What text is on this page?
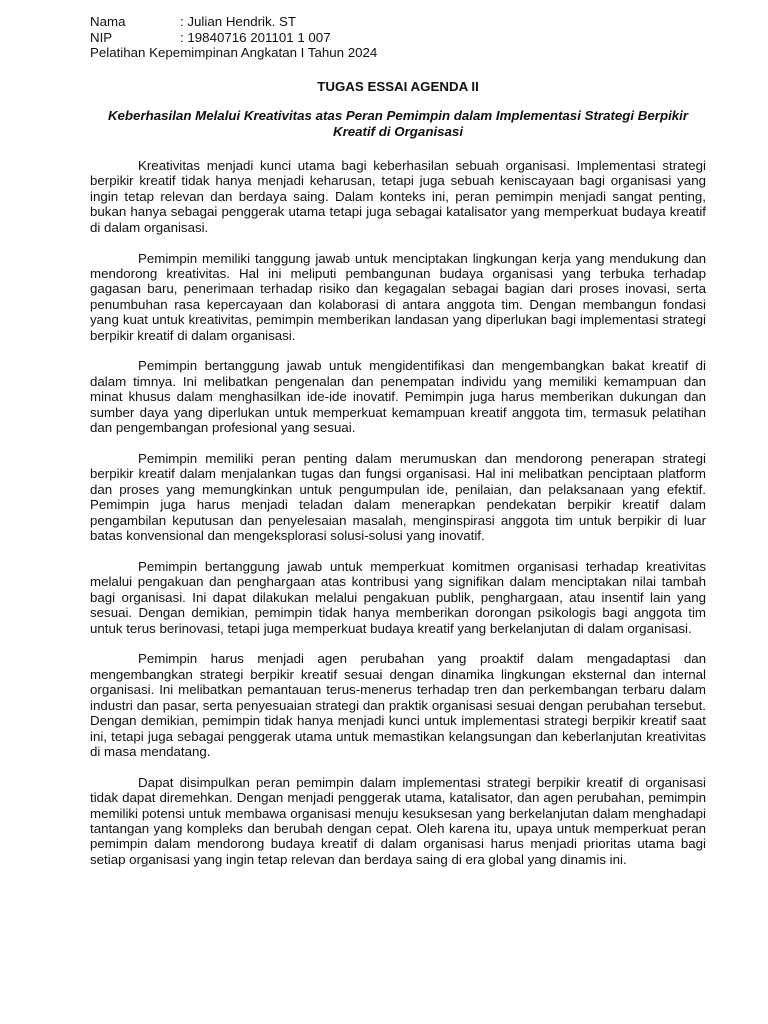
Nama	: Julian Hendrik. ST
NIP	: 19840716 201101 1 007
Pelatihan Kepemimpinan Angkatan I Tahun 2024
TUGAS ESSAI AGENDA II
Keberhasilan Melalui Kreativitas atas Peran Pemimpin dalam Implementasi Strategi Berpikir Kreatif di Organisasi

Kreativitas menjadi kunci utama bagi keberhasilan sebuah organisasi. Implementasi strategi berpikir kreatif tidak hanya menjadi keharusan, tetapi juga sebuah keniscayaan bagi organisasi yang ingin tetap relevan dan berdaya saing. Dalam konteks ini, peran pemimpin menjadi sangat penting, bukan hanya sebagai penggerak utama tetapi juga sebagai katalisator yang memperkuat budaya kreatif di dalam organisasi.

Pemimpin memiliki tanggung jawab untuk menciptakan lingkungan kerja yang mendukung dan mendorong kreativitas. Hal ini meliputi pembangunan budaya organisasi yang terbuka terhadap gagasan baru, penerimaan terhadap risiko dan kegagalan sebagai bagian dari proses inovasi, serta penumbuhan rasa kepercayaan dan kolaborasi di antara anggota tim. Dengan membangun fondasi yang kuat untuk kreativitas, pemimpin memberikan landasan yang diperlukan bagi implementasi strategi berpikir kreatif di dalam organisasi.

Pemimpin bertanggung jawab untuk mengidentifikasi dan mengembangkan bakat kreatif di dalam timnya. Ini melibatkan pengenalan dan penempatan individu yang memiliki kemampuan dan minat khusus dalam menghasilkan ide-ide inovatif. Pemimpin juga harus memberikan dukungan dan sumber daya yang diperlukan untuk memperkuat kemampuan kreatif anggota tim, termasuk pelatihan dan pengembangan profesional yang sesuai.

Pemimpin memiliki peran penting dalam merumuskan dan mendorong penerapan strategi berpikir kreatif dalam menjalankan tugas dan fungsi organisasi. Hal ini melibatkan penciptaan platform dan proses yang memungkinkan untuk pengumpulan ide, penilaian, dan pelaksanaan yang efektif. Pemimpin juga harus menjadi teladan dalam menerapkan pendekatan berpikir kreatif dalam pengambilan keputusan dan penyelesaian masalah, menginspirasi anggota tim untuk berpikir di luar batas konvensional dan mengeksplorasi solusi-solusi yang inovatif.

Pemimpin bertanggung jawab untuk memperkuat komitmen organisasi terhadap kreativitas melalui pengakuan dan penghargaan atas kontribusi yang signifikan dalam menciptakan nilai tambah bagi organisasi. Ini dapat dilakukan melalui pengakuan publik, penghargaan, atau insentif lain yang sesuai. Dengan demikian, pemimpin tidak hanya memberikan dorongan psikologis bagi anggota tim untuk terus berinovasi, tetapi juga memperkuat budaya kreatif yang berkelanjutan di dalam organisasi.

Pemimpin harus menjadi agen perubahan yang proaktif dalam mengadaptasi dan mengembangkan strategi berpikir kreatif sesuai dengan dinamika lingkungan eksternal dan internal organisasi. Ini melibatkan pemantauan terus-menerus terhadap tren dan perkembangan terbaru dalam industri dan pasar, serta penyesuaian strategi dan praktik organisasi sesuai dengan perubahan tersebut. Dengan demikian, pemimpin tidak hanya menjadi kunci untuk implementasi strategi berpikir kreatif saat ini, tetapi juga sebagai penggerak utama untuk memastikan kelangsungan dan keberlanjutan kreativitas di masa mendatang.

Dapat disimpulkan peran pemimpin dalam implementasi strategi berpikir kreatif di organisasi tidak dapat diremehkan. Dengan menjadi penggerak utama, katalisator, dan agen perubahan, pemimpin memiliki potensi untuk membawa organisasi menuju kesuksesan yang berkelanjutan dalam menghadapi tantangan yang kompleks dan berubah dengan cepat. Oleh karena itu, upaya untuk memperkuat peran pemimpin dalam mendorong budaya kreatif di dalam organisasi harus menjadi prioritas utama bagi setiap organisasi yang ingin tetap relevan dan berdaya saing di era global yang dinamis ini.
